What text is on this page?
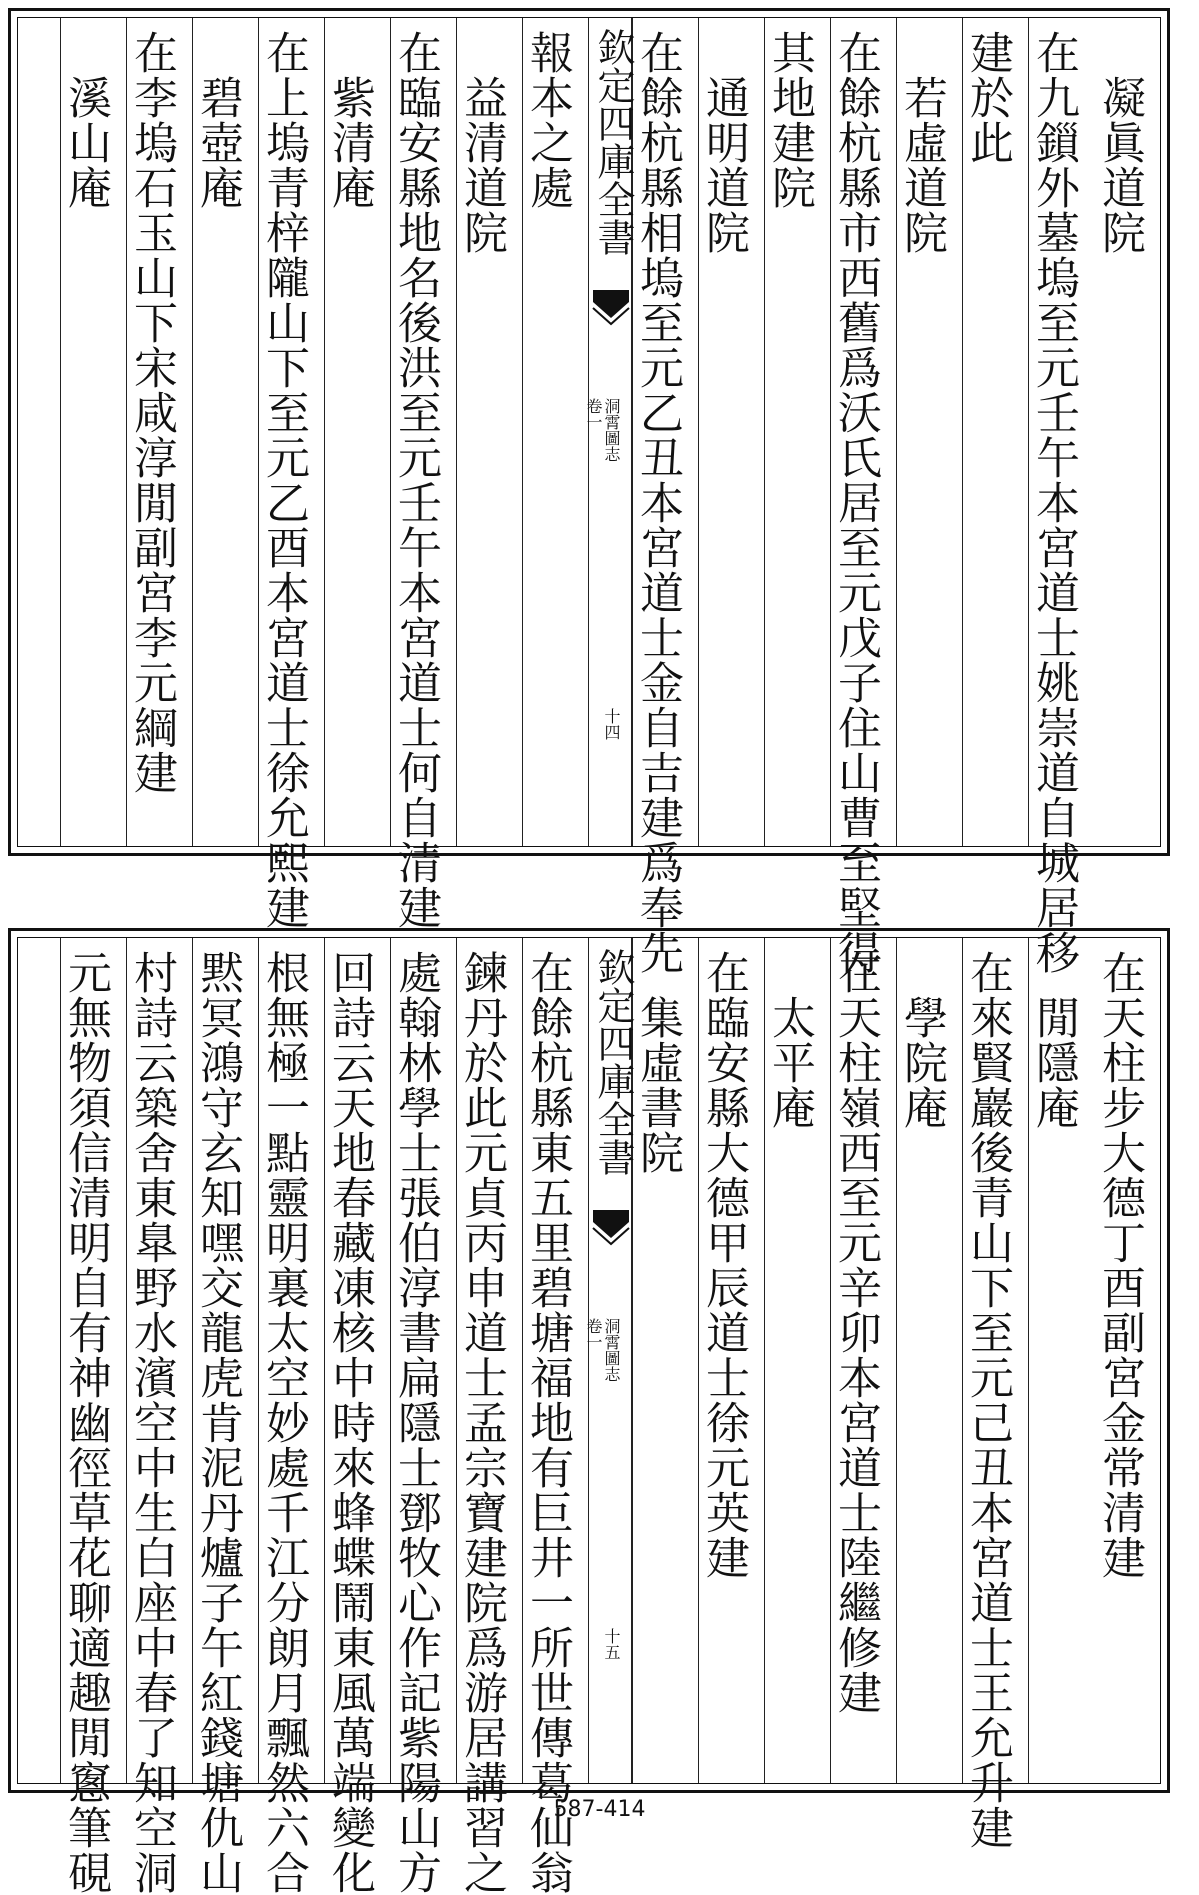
　凝眞道院
在九鎻外墓塢至元壬午本宮道士姚崇道自城居移
建於此
　若虛道院
在餘杭縣市西舊爲沃氏居至元戊子住山曹至堅得
其地建院
　通明道院
在餘杭縣相塢至元乙丑本宮道士金自吉建爲奉先
欽定四庫全書
洞霄圖志
卷一
十四
報本之處
　益清道院
在臨安縣地名後洪至元壬午本宮道士何自清建
　紫清庵
在上塢青梓隴山下至元乙酉本宮道士徐允熙建
　碧壺庵
在李塢石玉山下宋咸淳閒副宮李元綱建
　溪山庵
在天柱步大德丁酉副宮金常清建
　閒隱庵
在來賢巖後青山下至元己丑本宮道士王允升建
　學院庵
在天柱嶺西至元辛卯本宮道士陸繼修建
　太平庵
在臨安縣大德甲辰道士徐元英建
　集虛書院
欽定四庫全書
洞霄圖志
卷一
十五
在餘杭縣東五里碧塘福地有巨井一所世傳葛仙翁
鍊丹於此元貞丙申道士孟宗寶建院爲游居講習之
處翰林學士張伯淳書扁隱士鄧牧心作記紫陽山方
回詩云天地春藏凍核中時來蜂蝶鬧東風萬端變化
根無極一點靈明裏太空妙處千江分朗月飄然六合
黙冥鴻守玄知嘿交龍虎肯泥丹爐子午紅錢塘仇山
村詩云築舍東臯野水濱空中生白座中春了知空洞
元無物須信清明自有神幽徑草花聊適趣閒窻筆硯	587-414
